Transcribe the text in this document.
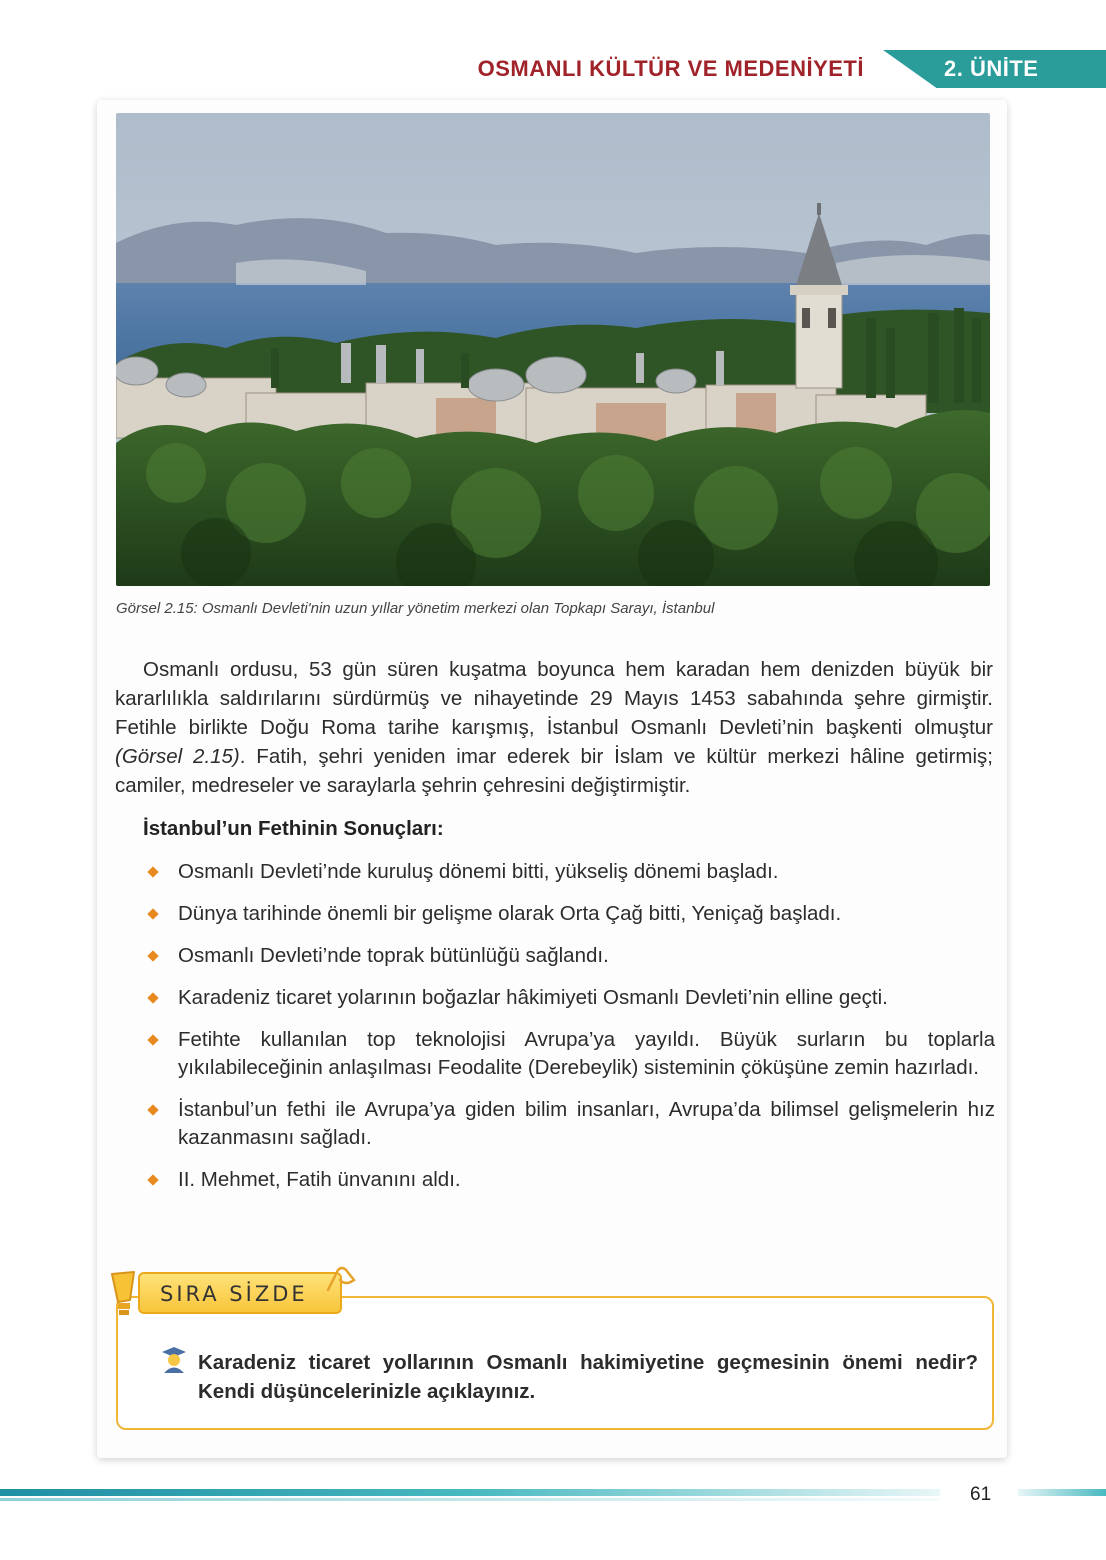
OSMANLI KÜLTÜR VE MEDENİYETİ	2. ÜNİTE
Görsel 2.15: Osmanlı Devleti'nin uzun yıllar yönetim merkezi olan Topkapı Sarayı, İstanbul

Osmanlı ordusu, 53 gün süren kuşatma boyunca hem karadan hem denizden büyük bir kararlılıkla saldırılarını sürdürmüş ve nihayetinde 29 Mayıs 1453 sabahında şehre girmiştir. Fetihle birlikte Doğu Roma tarihe karışmış, İstanbul Osmanlı Devleti’nin başkenti olmuştur (Görsel 2.15). Fatih, şehri yeniden imar ederek bir İslam ve kültür merkezi hâline getirmiş; camiler, medreseler ve saraylarla şehrin çehresini değiştirmiştir.

İstanbul’un Fethinin Sonuçları:
Osmanlı Devleti’nde kuruluş dönemi bitti, yükseliş dönemi başladı.
Dünya tarihinde önemli bir gelişme olarak Orta Çağ bitti, Yeniçağ başladı.
Osmanlı Devleti’nde toprak bütünlüğü sağlandı.
Karadeniz ticaret yolarının boğazlar hâkimiyeti Osmanlı Devleti’nin elline geçti.
Fetihte kullanılan top teknolojisi Avrupa’ya yayıldı. Büyük surların bu toplarla yıkılabileceğinin anlaşılması Feodalite (Derebeylik) sisteminin çöküşüne zemin hazırladı.
İstanbul’un fethi ile Avrupa’ya giden bilim insanları, Avrupa’da bilimsel gelişmelerin hız kazanmasını sağladı.
II. Mehmet, Fatih ünvanını aldı.
SIRA SİZDE

Karadeniz ticaret yollarının Osmanlı hakimiyetine geçmesinin önemi nedir? Kendi düşüncelerinizle açıklayınız.

61
